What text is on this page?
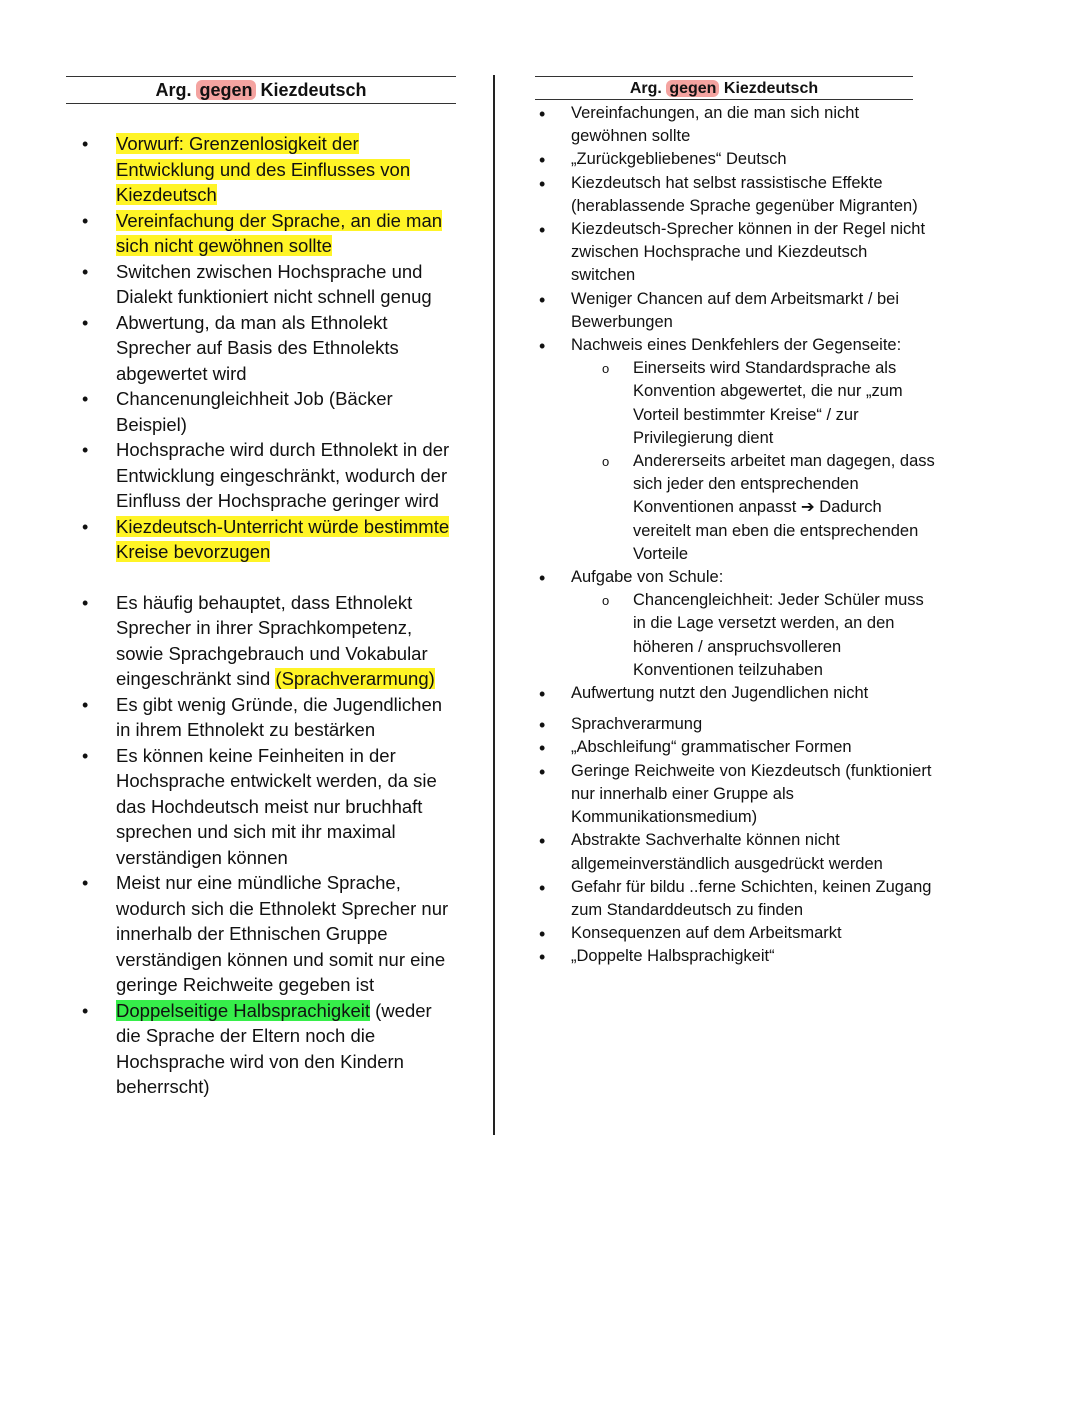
Arg. gegen Kiezdeutsch
• Vorwurf: Grenzenlosigkeit der Entwicklung und des Einflusses von Kiezdeutsch
• Vereinfachung der Sprache, an die man sich nicht gewöhnen sollte
• Switchen zwischen Hochsprache und Dialekt funktioniert nicht schnell genug
• Abwertung, da man als Ethnolekt Sprecher auf Basis des Ethnolekts abgewertet wird
• Chancenungleichheit Job (Bäcker Beispiel)
• Hochsprache wird durch Ethnolekt in der Entwicklung eingeschränkt, wodurch der Einfluss der Hochsprache geringer wird
• Kiezdeutsch-Unterricht würde bestimmte Kreise bevorzugen
• Es häufig behauptet, dass Ethnolekt Sprecher in ihrer Sprachkompetenz, sowie Sprachgebrauch und Vokabular eingeschränkt sind (Sprachverarmung)
• Es gibt wenig Gründe, die Jugendlichen in ihrem Ethnolekt zu bestärken
• Es können keine Feinheiten in der Hochsprache entwickelt werden, da sie das Hochdeutsch meist nur bruchhaft sprechen und sich mit ihr maximal verständigen können
• Meist nur eine mündliche Sprache, wodurch sich die Ethnolekt Sprecher nur innerhalb der Ethnischen Gruppe verständigen können und somit nur eine geringe Reichweite gegeben ist
• Doppelseitige Halbsprachigkeit (weder die Sprache der Eltern noch die Hochsprache wird von den Kindern beherrscht)
Arg. gegen Kiezdeutsch
• Vereinfachungen, an die man sich nicht gewöhnen sollte
• „Zurückgebliebenes“ Deutsch
• Kiezdeutsch hat selbst rassistische Effekte (herablassende Sprache gegenüber Migranten)
• Kiezdeutsch-Sprecher können in der Regel nicht zwischen Hochsprache und Kiezdeutsch switchen
• Weniger Chancen auf dem Arbeitsmarkt / bei Bewerbungen
• Nachweis eines Denkfehlers der Gegenseite:
o Einerseits wird Standardsprache als Konvention abgewertet, die nur „zum Vorteil bestimmter Kreise“ / zur Privilegierung dient
o Andererseits arbeitet man dagegen, dass sich jeder den entsprechenden Konventionen anpasst ➔ Dadurch vereitelt man eben die entsprechenden Vorteile
• Aufgabe von Schule:
o Chancengleichheit: Jeder Schüler muss in die Lage versetzt werden, an den höheren / anspruchsvolleren Konventionen teilzuhaben
• Aufwertung nutzt den Jugendlichen nicht
• Sprachverarmung
• „Abschleifung“ grammatischer Formen
• Geringe Reichweite von Kiezdeutsch (funktioniert nur innerhalb einer Gruppe als Kommunikationsmedium)
• Abstrakte Sachverhalte können nicht allgemeinverständlich ausgedrückt werden
• Gefahr für bildu ..ferne Schichten, keinen Zugang zum Standarddeutsch zu finden
• Konsequenzen auf dem Arbeitsmarkt
• „Doppelte Halbsprachigkeit“
